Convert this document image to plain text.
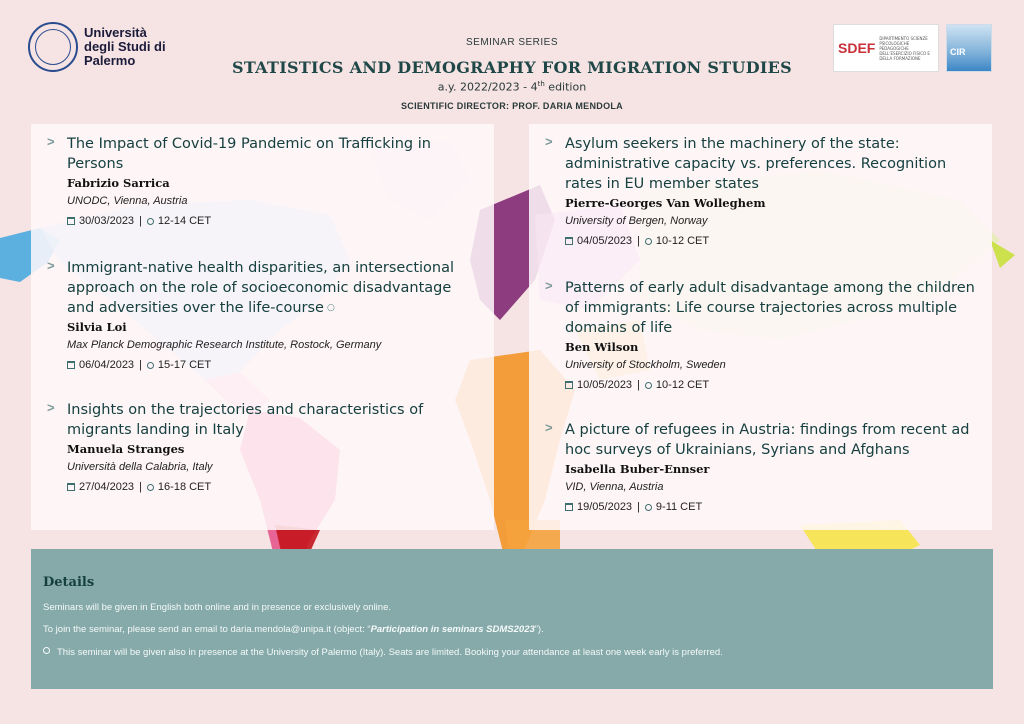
Università degli Studi di Palermo
SEMINAR SERIES
STATISTICS AND DEMOGRAPHY FOR MIGRATION STUDIES
a.y. 2022/2023 - 4th edition
SCIENTIFIC DIRECTOR: PROF. DARIA MENDOLA
SDEF
DIPARTIMENTO SCIENZE PSICOLOGICHE PEDAGOGICHE DELL'ESERCIZIO FISICO E DELLA FORMAZIONE
CIR
> The Impact of Covid-19 Pandemic on Trafficking in Persons
Fabrizio Sarrica
UNODC, Vienna, Austria
30/03/2023 | 12-14 CET
> Immigrant-native health disparities, an intersectional approach on the role of socioeconomic disadvantage and adversities over the life-course ○
Silvia Loi
Max Planck Demographic Research Institute, Rostock, Germany
06/04/2023 | 15-17 CET
> Insights on the trajectories and characteristics of migrants landing in Italy
Manuela Stranges
Università della Calabria, Italy
27/04/2023 | 16-18 CET
> Asylum seekers in the machinery of the state: administrative capacity vs. preferences. Recognition rates in EU member states
Pierre-Georges Van Wolleghem
University of Bergen, Norway
04/05/2023 | 10-12 CET
> Patterns of early adult disadvantage among the children of immigrants: Life course trajectories across multiple domains of life
Ben Wilson
University of Stockholm, Sweden
10/05/2023 | 10-12 CET
> A picture of refugees in Austria: findings from recent ad hoc surveys of Ukrainians, Syrians and Afghans
Isabella Buber-Ennser
VID, Vienna, Austria
19/05/2023 | 9-11 CET
Details
Seminars will be given in English both online and in presence or exclusively online.
To join the seminar, please send an email to daria.mendola@unipa.it (object: “Participation in seminars SDMS2023”).
This seminar will be given also in presence at the University of Palermo (Italy). Seats are limited. Booking your attendance at least one week early is preferred.
